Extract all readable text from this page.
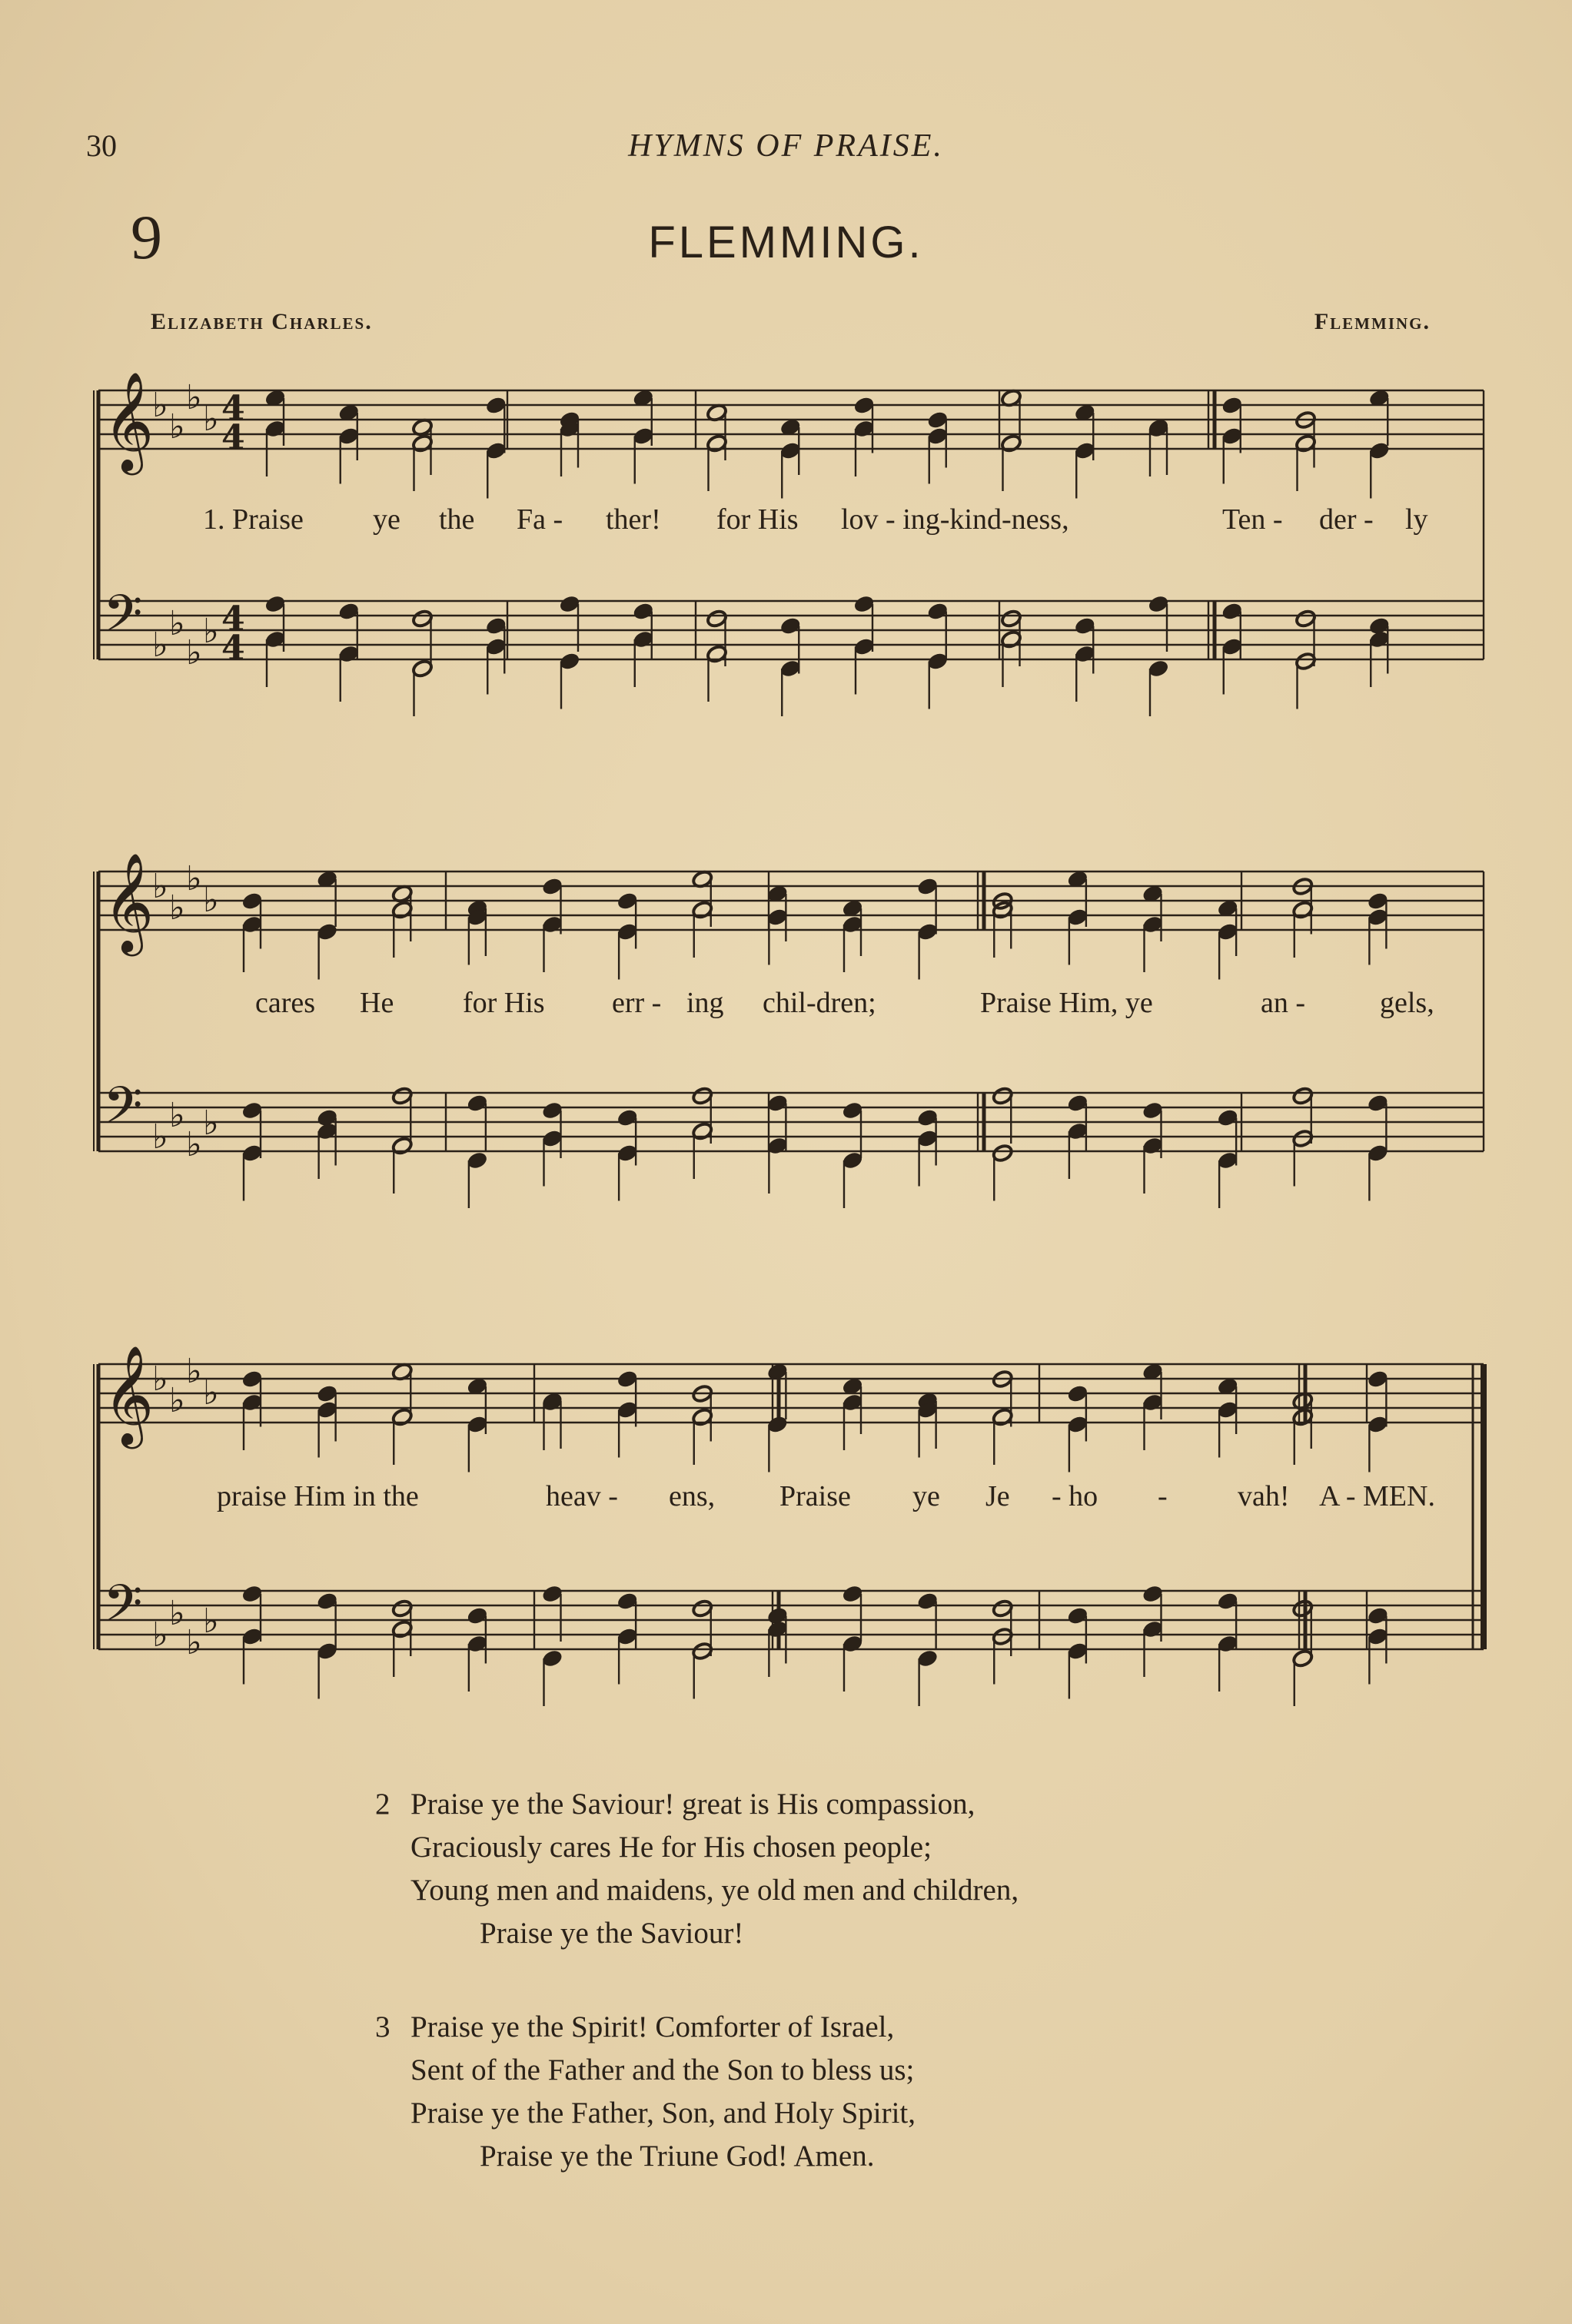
30	HYMNS OF PRAISE.
9	FLEMMING.
Elizabeth Charles.	Flemming.
𝄞
♭
♭
♭
♭ 4
4
𝄢 ♭
♭
♭
♭ 4
4
𝄞
♭
♭
♭
♭
𝄢 ♭
♭
♭
♭
𝄞
♭
♭
♭
♭
𝄢 ♭
♭
♭
♭
1. Praise ye the Fa - ther! for His lov - ing-kind-ness,	Ten - der - ly
cares He for His err - ing chil-dren;	Praise Him, ye	an -	gels,
praise Him in the	heav - ens, Praise ye Je - ho - vah! A - MEN.
2 Praise ye the Saviour! great is His compassion,
Graciously cares He for His chosen people;
Young men and maidens, ye old men and children,
Praise ye the Saviour!
3 Praise ye the Spirit! Comforter of Israel,
Sent of the Father and the Son to bless us;
Praise ye the Father, Son, and Holy Spirit,
Praise ye the Triune God! Amen.
